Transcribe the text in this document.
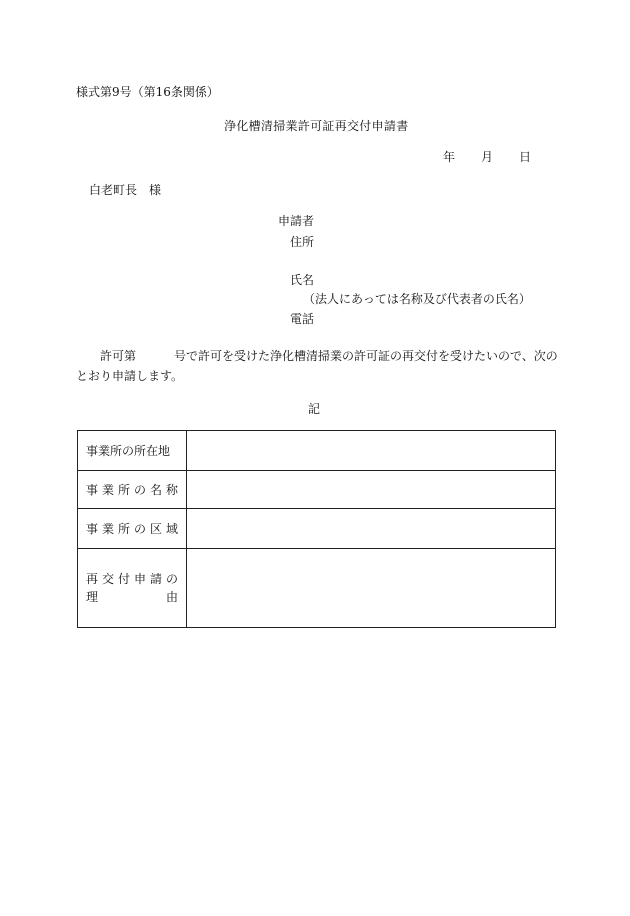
様式第9号（第16条関係）
浄化槽清掃業許可証再交付申請書
年 月 日
白老町長　様
申請者
住所
氏名
（法人にあっては名称及び代表者の氏名）
電話
許可第	号で許可を受けた浄化槽清掃業の許可証の再交付を受けたいので、次の
とおり申請します。
記
事業所の所在地	

事業所の名称	

事業所の区域	

再交付申請の
理由	
